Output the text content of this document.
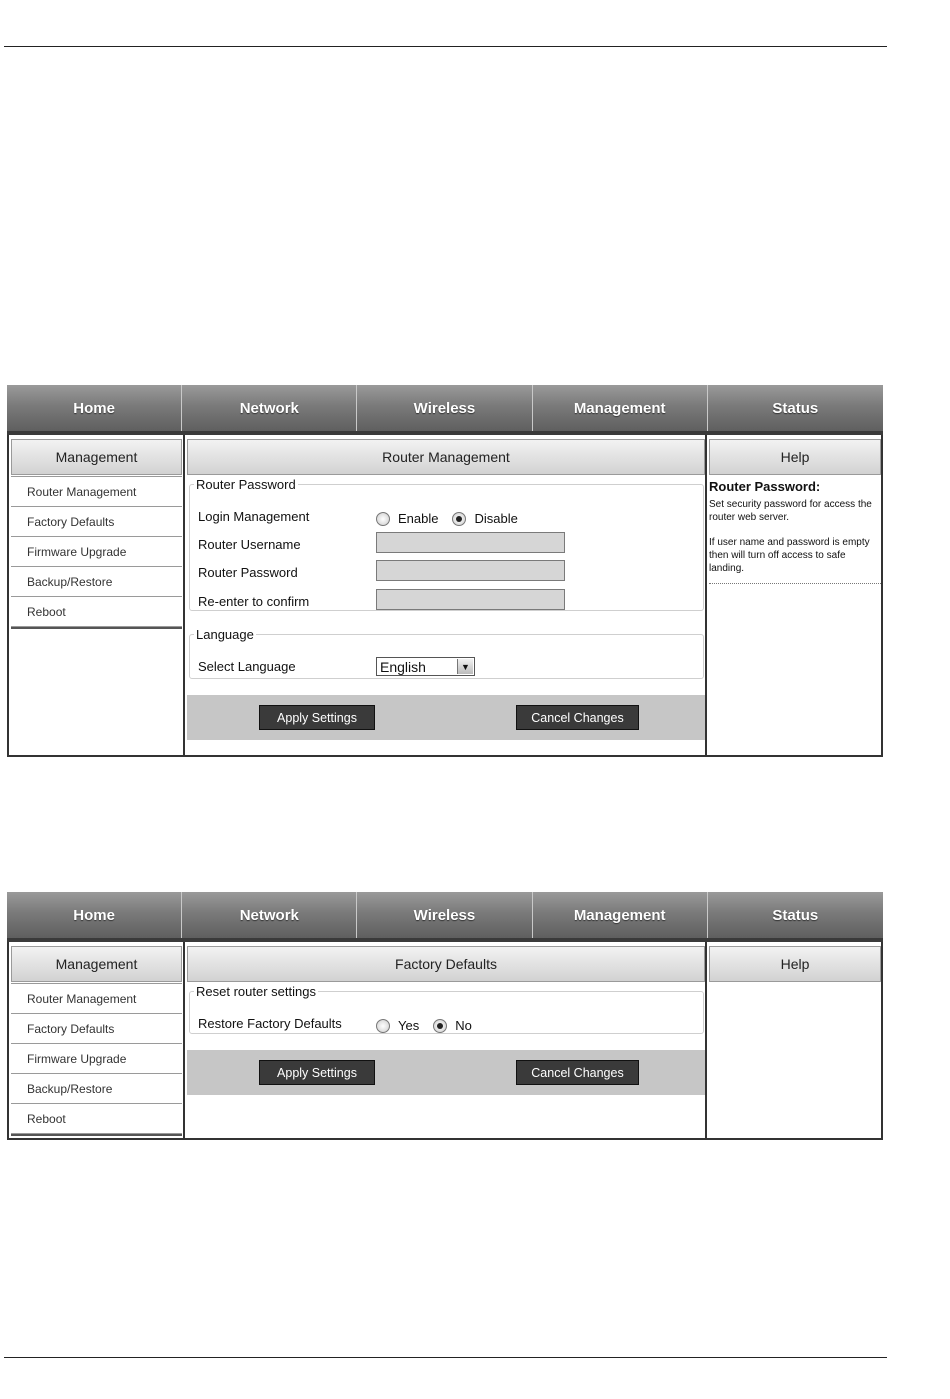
Home	Network	Wireless	Management	Status
Management	Router Management	Help
Router Management
Factory Defaults
Firmware Upgrade
Backup/Restore
Reboot
Router Password
Login Management	Enable	Disable
Router Username
Router Password
Re-enter to confirm
Language
Select Language	English	▼
Apply Settings	Cancel Changes
Router Password:
Set security password for access the router web server.
If user name and password is empty then will turn off access to safe landing.
Home	Network	Wireless	Management	Status
Management	Factory Defaults	Help
Router Management
Factory Defaults
Firmware Upgrade
Backup/Restore
Reboot
Reset router settings
Restore Factory Defaults	Yes	No
Apply Settings	Cancel Changes
